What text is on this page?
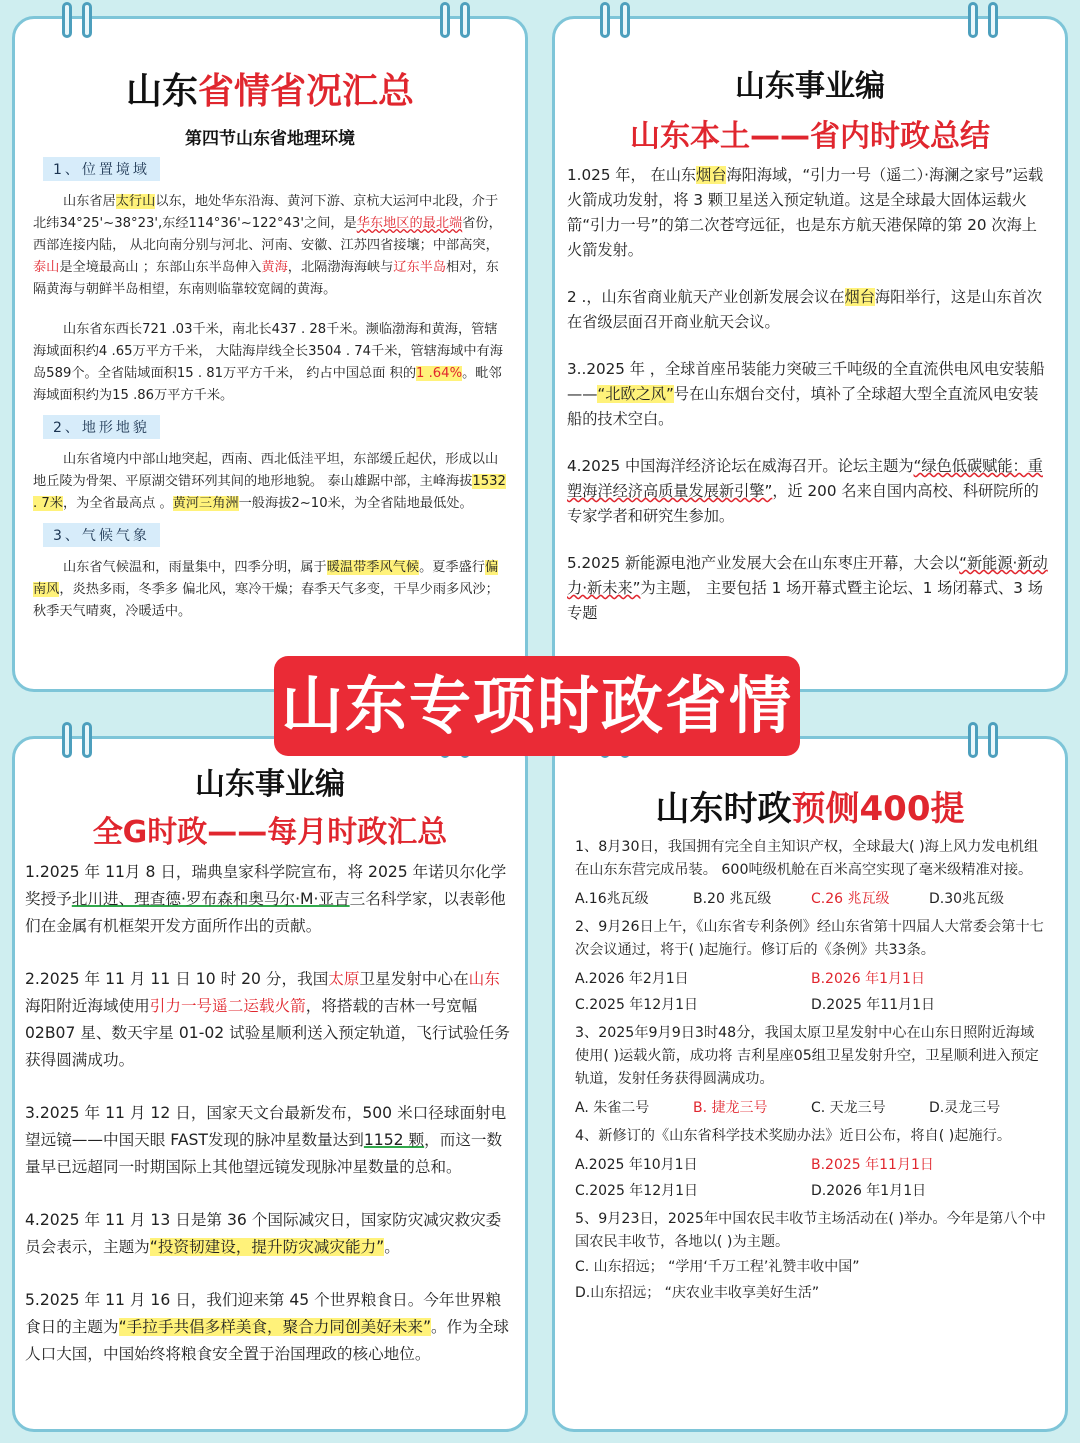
山东省情省况汇总
第四节山东省地理环境
1、位置境域

山东省居太行山以东，地处华东沿海、黄河下游、京杭大运河中北段，介于北纬34°25'~38°23',东经114°36'~122°43'之间，是华东地区的最北端省份，西部连接内陆， 从北向南分别与河北、河南、安徽、江苏四省接壤；中部高突，泰山是全境最高山 ；东部山东半岛伸入黄海，北隔渤海海峡与辽东半岛相对，东隔黄海与朝鲜半岛相望，东南则临靠较宽阔的黄海。

山东省东西长721 .03千米，南北长437 . 28千米。濒临渤海和黄海，管辖海域面积约4 .65万平方千米， 大陆海岸线全长3504 . 74千米，管辖海域中有海岛589个。全省陆域面积15 . 81万平方千米， 约占中国总面 积的1 .64%。毗邻海域面积约为15 .86万平方千米。

2、地形地貌

山东省境内中部山地突起，西南、西北低洼平坦，东部缓丘起伏，形成以山地丘陵为骨架、平原湖交错环列其间的地形地貌。 泰山雄踞中部，主峰海拔1532 . 7米，为全省最高点 。黄河三角洲一般海拔2~10米，为全省陆地最低处。

3、气候气象

山东省气候温和，雨量集中，四季分明，属于暖温带季风气候。夏季盛行偏南风，炎热多雨，冬季多 偏北风，寒冷干燥；春季天气多变，干旱少雨多风沙；秋季天气晴爽，冷暖适中。

山东事业编
山东本土——省内时政总结

1.025 年， 在山东烟台海阳海域，“引力一号（遥二）·海澜之家号”运载火箭成功发射，将 3 颗卫星送入预定轨道。这是全球最大固体运载火箭“引力一号”的第二次苍穹远征，也是东方航天港保障的第 20 次海上火箭发射。

2 .，山东省商业航天产业创新发展会议在烟台海阳举行，这是山东首次在省级层面召开商业航天会议。

3..2025 年 ，全球首座吊装能力突破三千吨级的全直流供电风电安装船——“北欧之风”号在山东烟台交付，填补了全球超大型全直流风电安装船的技术空白。

4.2025 中国海洋经济论坛在威海召开。论坛主题为“绿色低碳赋能：重塑海洋经济高质量发展新引擎”，近 200 名来自国内高校、科研院所的专家学者和研究生参加。

5.2025 新能源电池产业发展大会在山东枣庄开幕，大会以“新能源·新动力·新未来”为主题， 主要包括 1 场开幕式暨主论坛、1 场闭幕式、3 场专题

山东事业编
全G时政——每月时政汇总

1.2025 年 11月 8 日，瑞典皇家科学院宣布，将 2025 年诺贝尔化学奖授予北川进、理查德·罗布森和奥马尔·M·亚吉三名科学家，以表彰他们在金属有机框架开发方面所作出的贡献。

2.2025 年 11 月 11 日 10 时 20 分，我国太原卫星发射中心在山东海阳附近海域使用引力一号遥二运载火箭，将搭载的吉林一号宽幅02B07 星、数天宇星 01-02 试验星顺利送入预定轨道，飞行试验任务获得圆满成功。

3.2025 年 11 月 12 日，国家天文台最新发布，500 米口径球面射电望远镜——中国天眼 FAST发现的脉冲星数量达到1152 颗，而这一数量早已远超同一时期国际上其他望远镜发现脉冲星数量的总和。

4.2025 年 11 月 13 日是第 36 个国际减灾日，国家防灾减灾救灾委员会表示，主题为“投资韧建设，提升防灾减灾能力”。

5.2025 年 11 月 16 日，我们迎来第 45 个世界粮食日。今年世界粮食日的主题为“手拉手共倡多样美食，聚合力同创美好未来”。作为全球人口大国，中国始终将粮食安全置于治国理政的核心地位。

山东时政预侧400提

1、8月30日，我国拥有完全自主知识产权，全球最大( )海上风力发电机组在山东东营完成吊装。 600吨级机舱在百米高空实现了毫米级精准对接。

A.16兆瓦级	B.20 兆瓦级	C.26 兆瓦级	D.30兆瓦级

2、9月26日上午，《山东省专利条例》经山东省第十四届人大常委会第十七次会议通过，将于( )起施行。修订后的《条例》共33条。

A.2026 年2月1日	B.2026 年1月1日
C.2025 年12月1日	D.2025 年11月1日

3、2025年9月9日3时48分，我国太原卫星发射中心在山东日照附近海域使用( )运载火箭，成功将 吉利星座05组卫星发射升空，卫星顺利进入预定轨道，发射任务获得圆满成功。

A. 朱雀二号	B. 捷龙三号	C. 天龙三号	D.灵龙三号

4、新修订的《山东省科学技术奖励办法》近日公布，将自( )起施行。

A.2025 年10月1日	B.2025 年11月1日
C.2025 年12月1日	D.2026 年1月1日

5、9月23日，2025年中国农民丰收节主场活动在( )举办。今年是第八个中国农民丰收节，各地以( )为主题。

C. 山东招远； “学用‘千万工程’礼赞丰收中国”
D.山东招远； “庆农业丰收享美好生活”
山东专项时政省情
